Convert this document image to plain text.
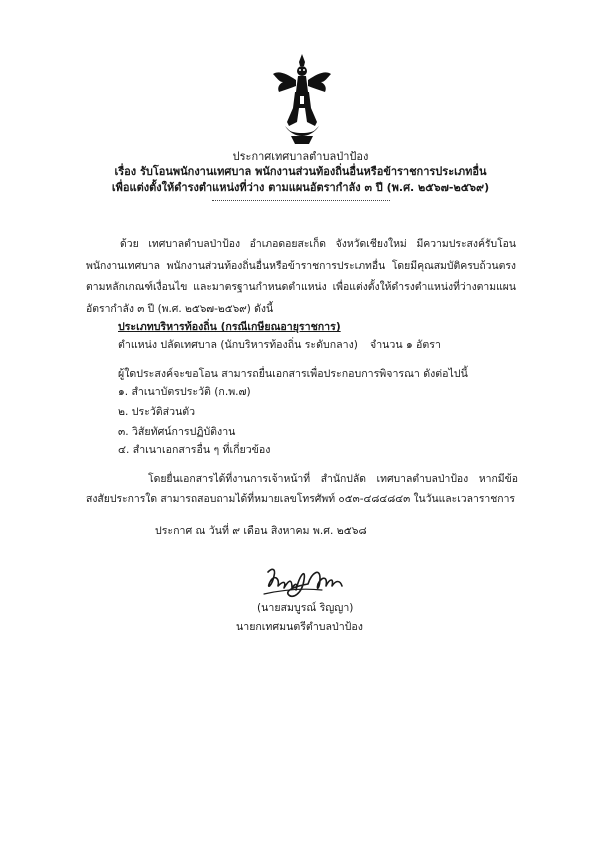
ประกาศเทศบาลตำบลป่าป้อง
เรื่อง รับโอนพนักงานเทศบาล พนักงานส่วนท้องถิ่นอื่นหรือข้าราชการประเภทอื่น
เพื่อแต่งตั้งให้ดำรงตำแหน่งที่ว่าง ตามแผนอัตรากำลัง ๓ ปี (พ.ศ. ๒๕๖๗-๒๕๖๙)
ด้วย เทศบาลตำบลป่าป้อง อำเภอดอยสะเก็ด จังหวัดเชียงใหม่ มีความประสงค์รับโอนพนักงานเทศบาล พนักงานส่วนท้องถิ่นอื่นหรือข้าราชการประเภทอื่น โดยมีคุณสมบัติครบถ้วนตรงตามหลักเกณฑ์เงื่อนไข และมาตรฐานกำหนดตำแหน่ง เพื่อแต่งตั้งให้ดำรงตำแหน่งที่ว่างตามแผนอัตรากำลัง ๓ ปี (พ.ศ. ๒๕๖๗-๒๕๖๙) ดังนี้
ประเภทบริหารท้องถิ่น (กรณีเกษียณอายุราชการ)
ตำแหน่ง ปลัดเทศบาล (นักบริหารท้องถิ่น ระดับกลาง) จำนวน ๑ อัตรา
ผู้ใดประสงค์จะขอโอน สามารถยื่นเอกสารเพื่อประกอบการพิจารณา ดังต่อไปนี้
๑. สำเนาบัตรประวัติ (ก.พ.๗)
๒. ประวัติส่วนตัว
๓. วิสัยทัศน์การปฏิบัติงาน
๔. สำเนาเอกสารอื่น ๆ ที่เกี่ยวข้อง
โดยยื่นเอกสารได้ที่งานการเจ้าหน้าที่ สำนักปลัด เทศบาลตำบลป่าป้อง หากมีข้อสงสัยประการใด สามารถสอบถามได้ที่หมายเลขโทรศัพท์ ๐๕๓-๔๘๔๘๔๓ ในวันและเวลาราชการ
ประกาศ ณ วันที่ ๙ เดือน สิงหาคม พ.ศ. ๒๕๖๘
(นายสมบูรณ์ ริญญา)
นายกเทศมนตรีตำบลป่าป้อง
